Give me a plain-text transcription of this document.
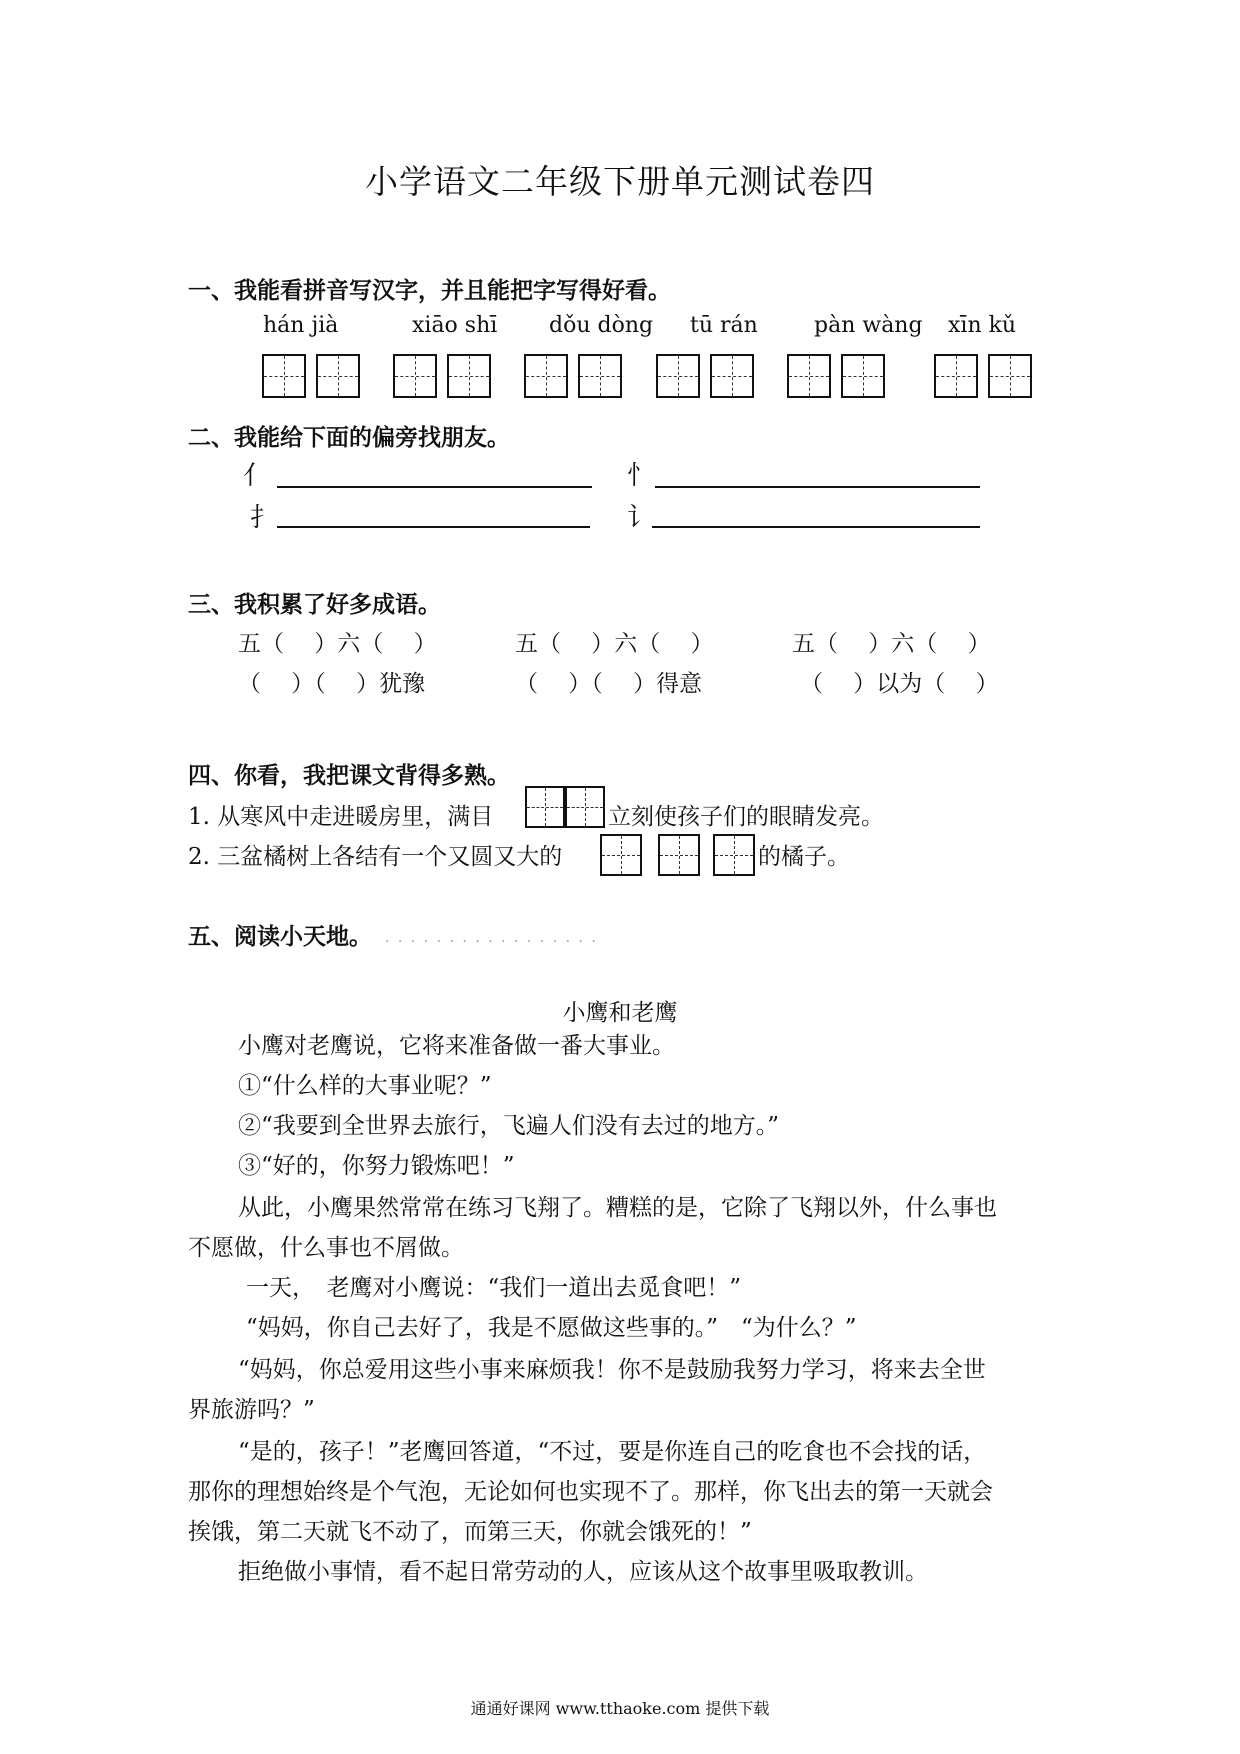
小学语文二年级下册单元测试卷四
一、我能看拼音写汉字，并且能把字写得好看。
hán jià	xiāo shī dǒu dòng tū rán	pàn wàng xīn kǔ
二、我能给下面的偏旁找朋友。
亻	忄
扌	讠
三、我积累了好多成语。
五（　 ）六（　 ）	五（　 ）六（　 ）	五（　 ）六（　 ）
（　 ）（　 ）犹豫	（　 ）（　 ）得意	（　 ）以为（　 ）
四、你看，我把课文背得多熟。
1. 从寒风中走进暖房里，满目	立刻使孩子们的眼睛发亮。
2. 三盆橘树上各结有一个又圆又大的	的橘子。
五、阅读小天地。 . . . . . . . . . . . . . . . . .
小鹰和老鹰
小鹰对老鹰说，它将来准备做一番大事业。
①“什么样的大事业呢？”
②“我要到全世界去旅行，飞遍人们没有去过的地方。”
③“好的，你努力锻炼吧！”
从此，小鹰果然常常在练习飞翔了。糟糕的是，它除了飞翔以外，什么事也
不愿做，什么事也不屑做。
一天，　老鹰对小鹰说：“我们一道出去觅食吧！”
“妈妈，你自己去好了，我是不愿做这些事的。”　“为什么？”
“妈妈，你总爱用这些小事来麻烦我！你不是鼓励我努力学习，将来去全世
界旅游吗？”
“是的，孩子！”老鹰回答道，“不过，要是你连自己的吃食也不会找的话，
那你的理想始终是个气泡，无论如何也实现不了。那样，你飞出去的第一天就会
挨饿，第二天就飞不动了，而第三天，你就会饿死的！”
拒绝做小事情，看不起日常劳动的人，应该从这个故事里吸取教训。
通通好课网 www.tthaoke.com 提供下载
